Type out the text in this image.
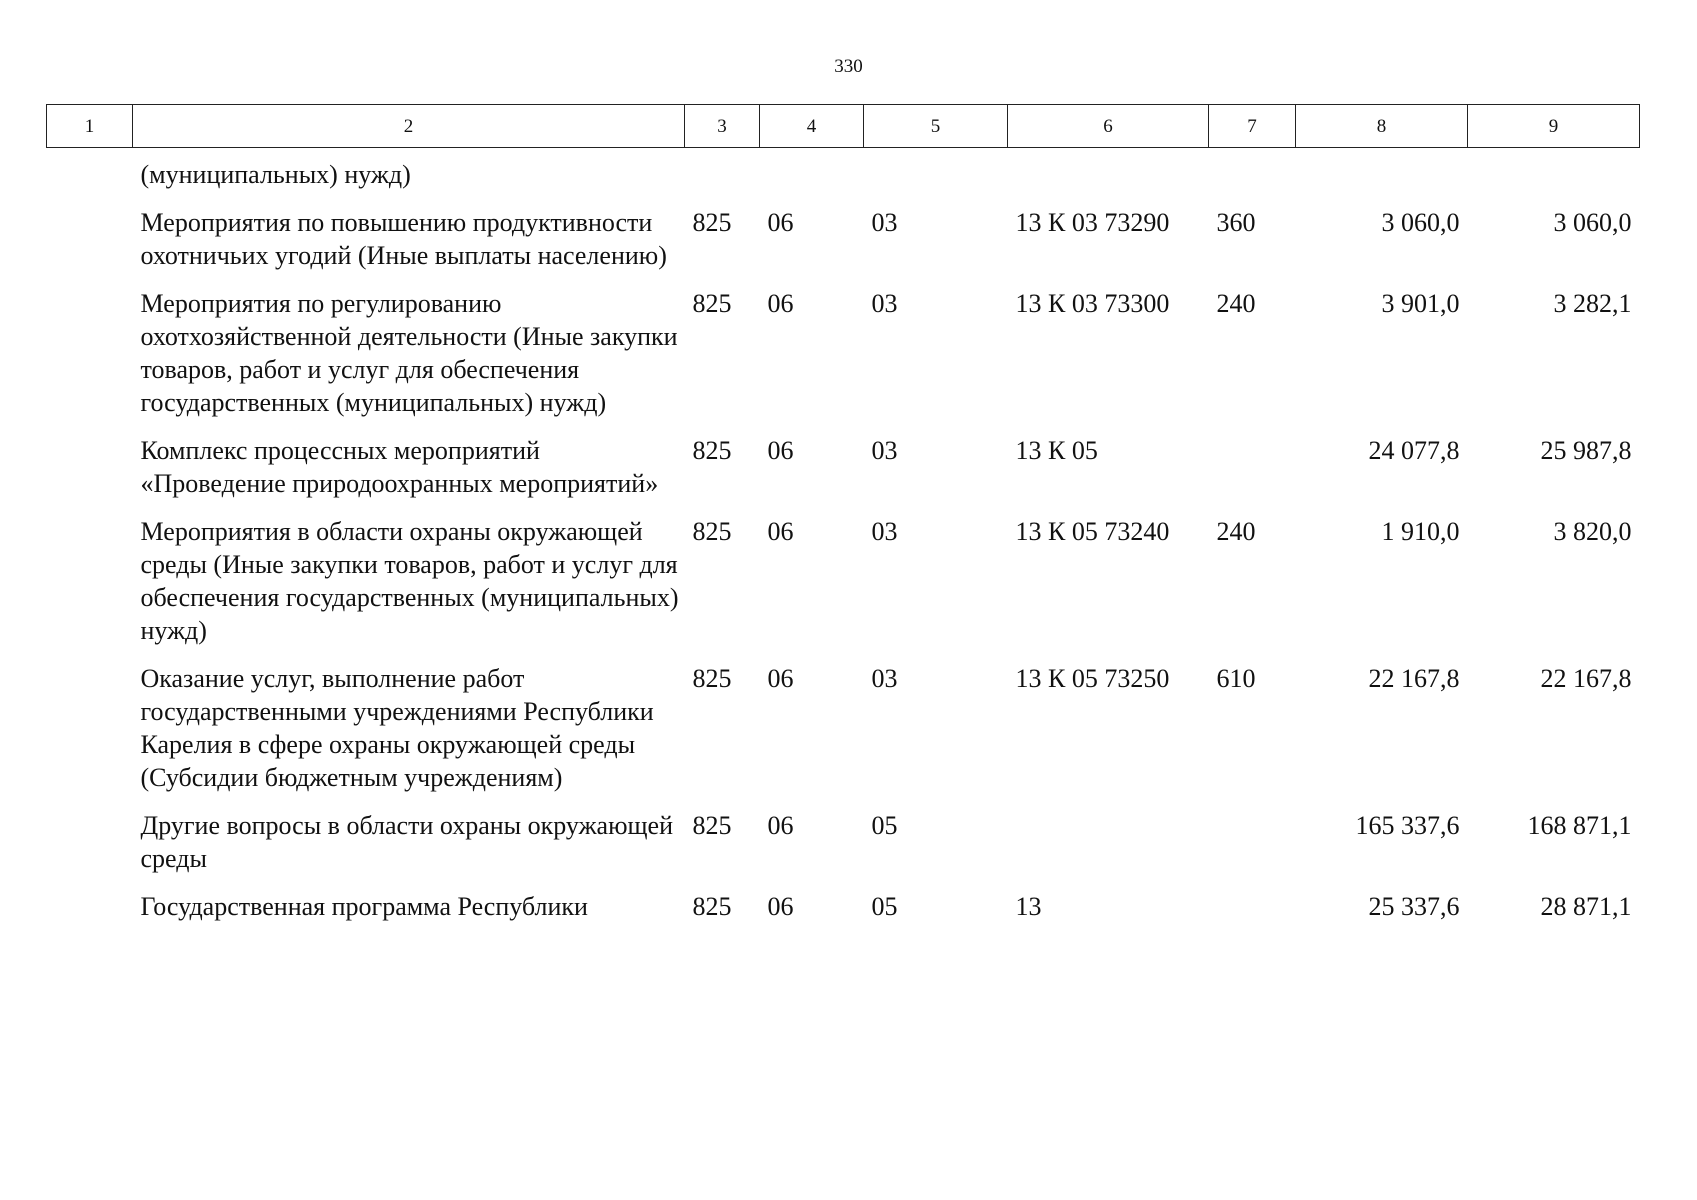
330
1	2	3	4	5	6	7	8	9
	(муниципальных) нужд)							
	Мероприятия по повышению продуктивности охотничьих угодий (Иные выплаты населению)	825	06	03	13 К 03 73290	360	3 060,0	3 060,0
	Мероприятия по регулированию охотхозяйственной деятельности (Иные закупки товаров, работ и услуг для обеспечения государственных (муниципальных) нужд)	825	06	03	13 К 03 73300	240	3 901,0	3 282,1
	Комплекс процессных мероприятий «Проведение природоохранных мероприятий»	825	06	03	13 К 05		24 077,8	25 987,8
	Мероприятия в области охраны окружающей среды (Иные закупки товаров, работ и услуг для обеспечения государственных (муниципальных) нужд)	825	06	03	13 К 05 73240	240	1 910,0	3 820,0
	Оказание услуг, выполнение работ государственными учреждениями Республики Карелия в сфере охраны окружающей среды (Субсидии бюджетным учреждениям)	825	06	03	13 К 05 73250	610	22 167,8	22 167,8
	Другие вопросы в области охраны окружающей среды	825	06	05			165 337,6	168 871,1
	Государственная программа Республики	825	06	05	13		25 337,6	28 871,1
